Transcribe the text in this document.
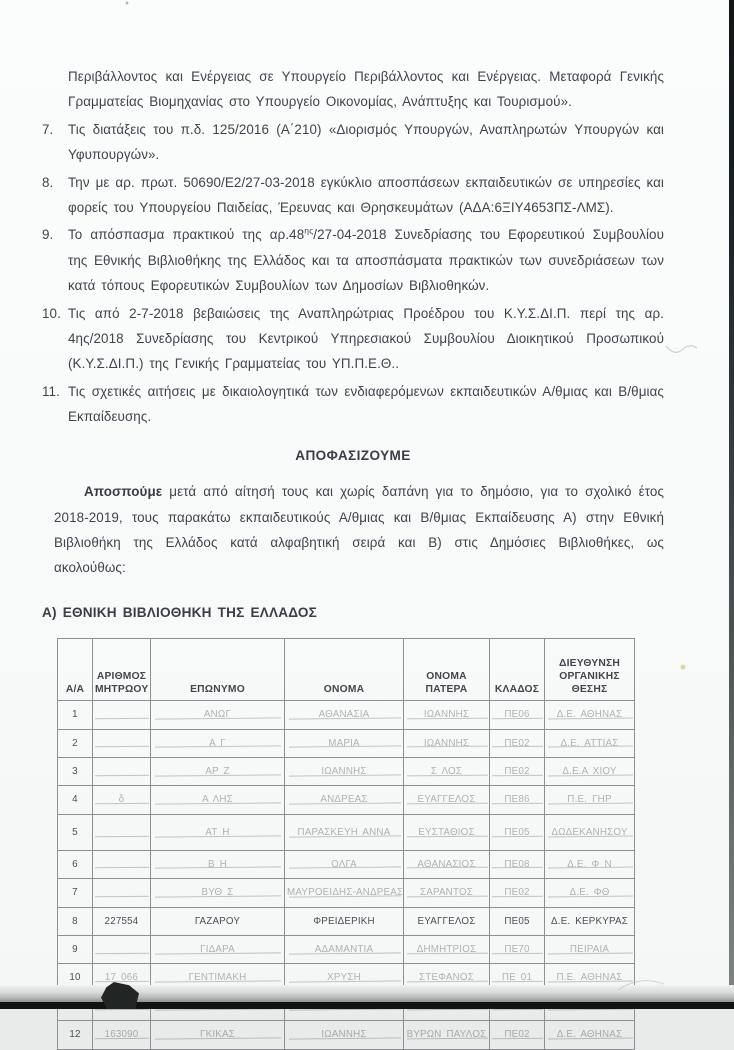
Περιβάλλοντος και Ενέργειας σε Υπουργείο Περιβάλλοντος και Ενέργειας. Μεταφορά Γενικής Γραμματείας Βιομηχανίας στο Υπουργείο Οικονομίας, Ανάπτυξης και Τουρισμού».

7.	Τις διατάξεις του π.δ. 125/2016 (Α΄210) «Διορισμός Υπουργών, Αναπληρωτών Υπουργών και Υφυπουργών».
8.	Την με αρ. πρωτ. 50690/Ε2/27-03-2018 εγκύκλιο αποσπάσεων εκπαιδευτικών σε υπηρεσίες και φορείς του Υπουργείου Παιδείας, Έρευνας και Θρησκευμάτων (ΑΔΑ:6ΞΙΥ4653ΠΣ-ΛΜΣ).
9.	Το απόσπασμα πρακτικού της $\alpha\rho.48^{\eta\varsigma}/27-04-2018$ Συνεδρίασης του Εφορευτικού Συμβουλίου της Εθνικής Βιβλιοθήκης της Ελλάδος και τα αποσπάσματα πρακτικών των συνεδριάσεων των κατά τόπους Εφορευτικών Συμβουλίων των Δημοσίων Βιβλιοθηκών.
10. Τις από 2-7-2018 βεβαιώσεις της Αναπληρώτριας Προέδρου του Κ.Υ.Σ.ΔΙ.Π. περί της αρ. 4ης/2018 Συνεδρίασης του Κεντρικού Υπηρεσιακού Συμβουλίου Διοικητικού Προσωπικού (Κ.Υ.Σ.ΔΙ.Π.) της Γενικής Γραμματείας του ΥΠ.Π.Ε.Θ..
11. Τις σχετικές αιτήσεις με δικαιολογητικά των ενδιαφερόμενων εκπαιδευτικών Α/θμιας και Β/θμιας Εκπαίδευσης.
ΑΠΟΦΑΣΙΖΟΥΜΕ

Αποσπούμε μετά από αίτησή τους και χωρίς δαπάνη για το δημόσιο, για το σχολικό έτος 2018-2019, τους παρακάτω εκπαιδευτικούς Α/θμιας και Β/θμιας Εκπαίδευσης Α) στην Εθνική Βιβλιοθήκη της Ελλάδος κατά αλφαβητική σειρά και Β) στις Δημόσιες Βιβλιοθήκες, ως ακολούθως:

Α) ΕΘΝΙΚΗ ΒΙΒΛΙΟΘΗΚΗ ΤΗΣ ΕΛΛΑΔΟΣ
Α/Α	ΑΡΙΘΜΟΣ ΜΗΤΡΩΟΥ	ΕΠΩΝΥΜΟ	ΟΝΟΜΑ	ΟΝΟΜΑ ΠΑΤΕΡΑ	ΚΛΑΔΟΣ	ΔΙΕΥΘΥΝΣΗ ΟΡΓΑΝΙΚΗΣ ΘΕΣΗΣ
1		ΑΝΩΓ	ΑΘΑΝΑΣΙΑ	ΙΩΑΝΝΗΣ	ΠΕ06	Δ.Ε. ΑΘΗΝΑΣ
2		Α Γ	ΜΑΡΙΑ	ΙΩΑΝΝΗΣ	ΠΕ02	Δ.Ε. ΑΤΤΙΑΣ
3		ΑΡ Ζ	ΙΩΑΝΝΗΣ	Σ ΛΟΣ	ΠΕ02	Δ.Ε.Α ΧΙΟΥ
4	δ	Α ΛΗΣ	ΑΝΔΡΕΑΣ	ΕΥΑΓΓΕΛΟΣ	ΠΕ86	Π.Ε. ΓΗΡ
5		ΑΤ Η	ΠΑΡΑΣΚΕΥΗ ΑΝΝΑ	ΕΥΣΤΑΘΙΟΣ	ΠΕ05	ΔΩΔΕΚΑΝΗΣΟΥ
6		Β Η	ΟΛΓΑ	ΑΘΑΝΑΣΙΟΣ	ΠΕ08	Δ.Ε. Φ Ν
7		ΒΥΘ Σ	ΜΑΥΡΟΕΙΔΗΣ-ΑΝΔΡΕΑΣ	ΣΑΡΑΝΤΟΣ	ΠΕ02	Δ.Ε. ΦΘ
8	227554	ΓΑΖΑΡΟΥ	ΦΡΕΙΔΕΡΙΚΗ	ΕΥΑΓΓΕΛΟΣ	ΠΕ05	Δ.Ε. ΚΕΡΚΥΡΑΣ
9		ΓΙΔΑΡΑ	ΑΔΑΜΑΝΤΙΑ	ΔΗΜΗΤΡΙΟΣ	ΠΕ70	ΠΕΙΡΑΙΑ
10	17 066	ΓΕΝΤΙΜΑΚΗ	ΧΡΥΣΗ	ΣΤΕΦΑΝΟΣ	ΠΕ 01	Π.Ε. ΑΘΗΝΑΣ

12	163090	ΓΚΙΚΑΣ	ΙΩΑΝΝΗΣ	ΒΥΡΩΝ ΠΑΥΛΟΣ	ΠΕ02	Δ.Ε. ΑΘΗΝΑΣ
